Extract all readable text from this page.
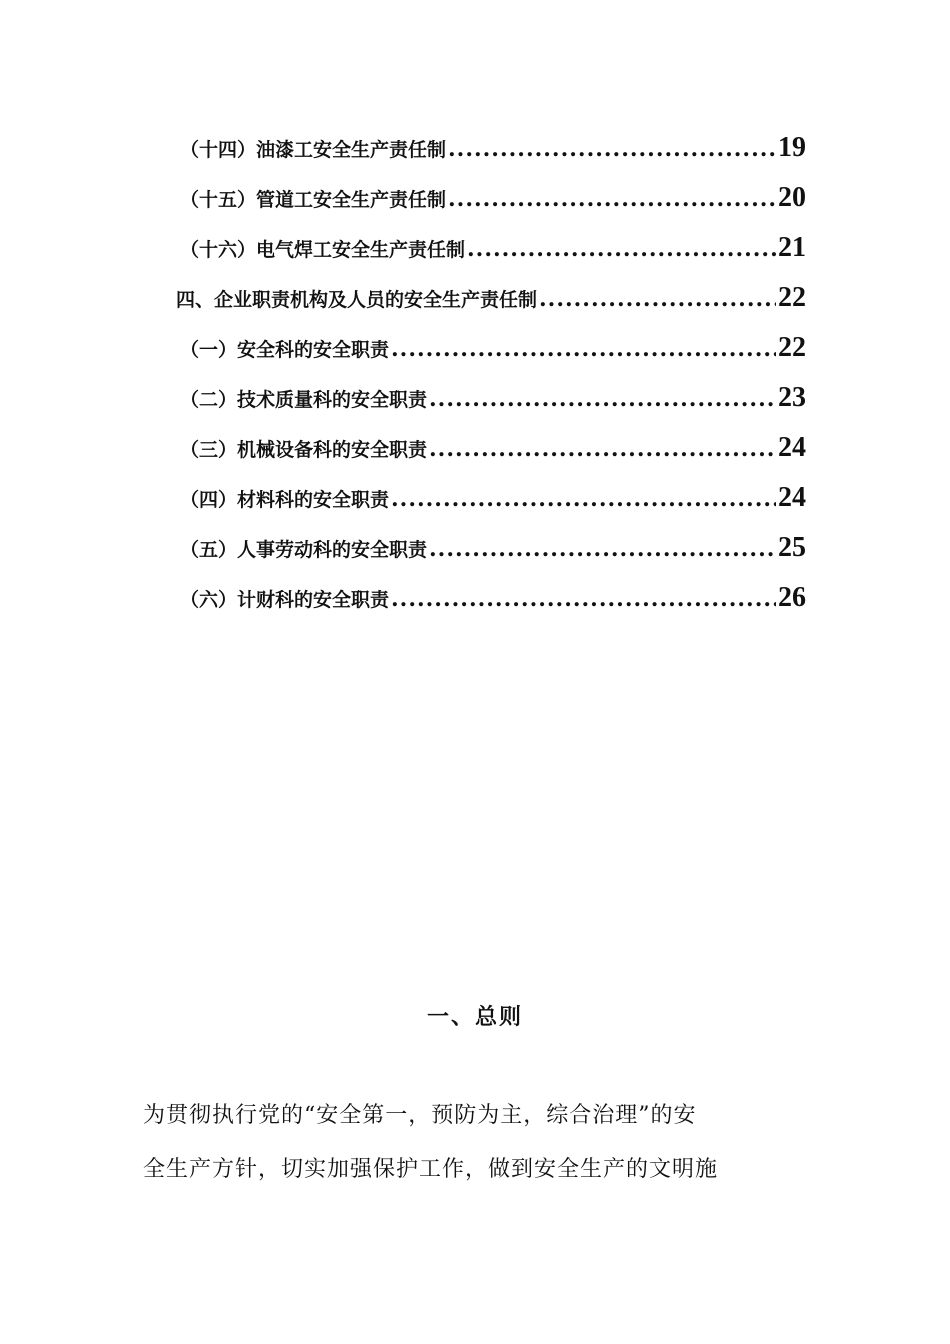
（十四）油漆工安全生产责任制 .....	19
（十五）管道工安全生产责任制 .....	20
（十六）电气焊工安全生产责任制 .....	21
四、企业职责机构及人员的安全生产责任制 .....	22
（一）安全科的安全职责 .....	22
（二）技术质量科的安全职责 .....	23
（三）机械设备科的安全职责 .....	24
（四）材料科的安全职责 .....	24
（五）人事劳动科的安全职责 .....	25
（六）计财科的安全职责 .....	26
一、总则
为贯彻执行党的“安全第一，预防为主，综合治理”的安
全生产方针，切实加强保护工作，做到安全生产的文明施
